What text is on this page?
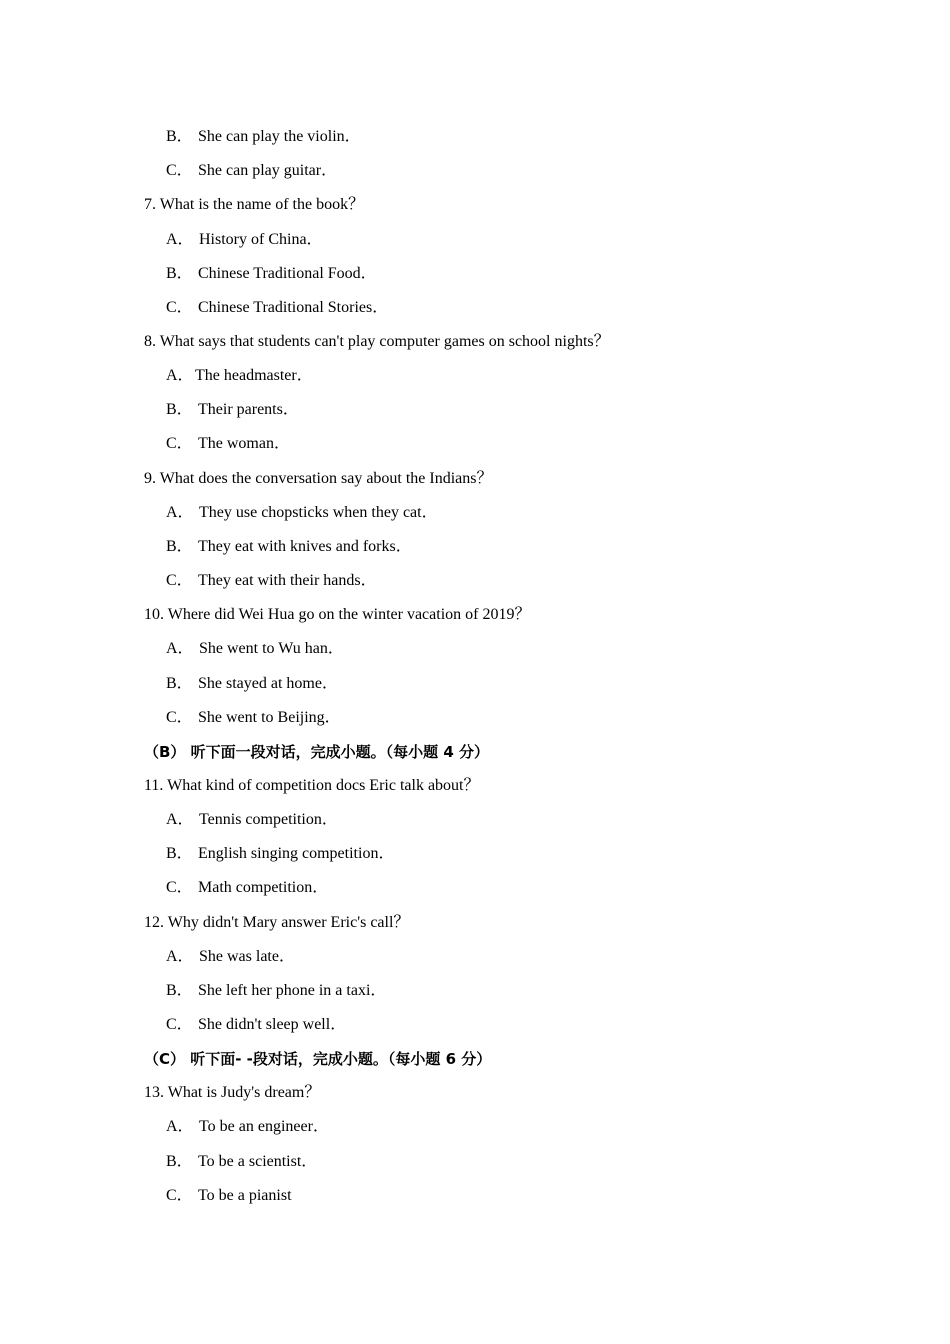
B． She can play the violin．
C． She can play guitar．
7. What is the name of the book？
A． History of China．
B． Chinese Traditional Food．
C． Chinese Traditional Stories．
8. What says that students can't play computer games on school nights？
A．The headmaster．
B． Their parents．
C． The woman．
9. What does the conversation say about the Indians？
A． They use chopsticks when they cat．
B． They eat with knives and forks．
C． They eat with their hands．
10. Where did Wei Hua go on the winter vacation of 2019？
A． She went to Wu han．
B． She stayed at home．
C． She went to Beijing．
（B） 听下面一段对话，完成小题。（每小题 4 分）
11. What kind of competition docs Eric talk about？
A． Tennis competition．
B． English singing competition．
C． Math competition．
12. Why didn't Mary answer Eric's call？
A． She was late．
B． She left her phone in a taxi．
C． She didn't sleep well．
（C） 听下面- -段对话，完成小题。（每小题 6 分）
13. What is Judy's dream？
A． To be an engineer．
B． To be a scientist．
C． To be a pianist
